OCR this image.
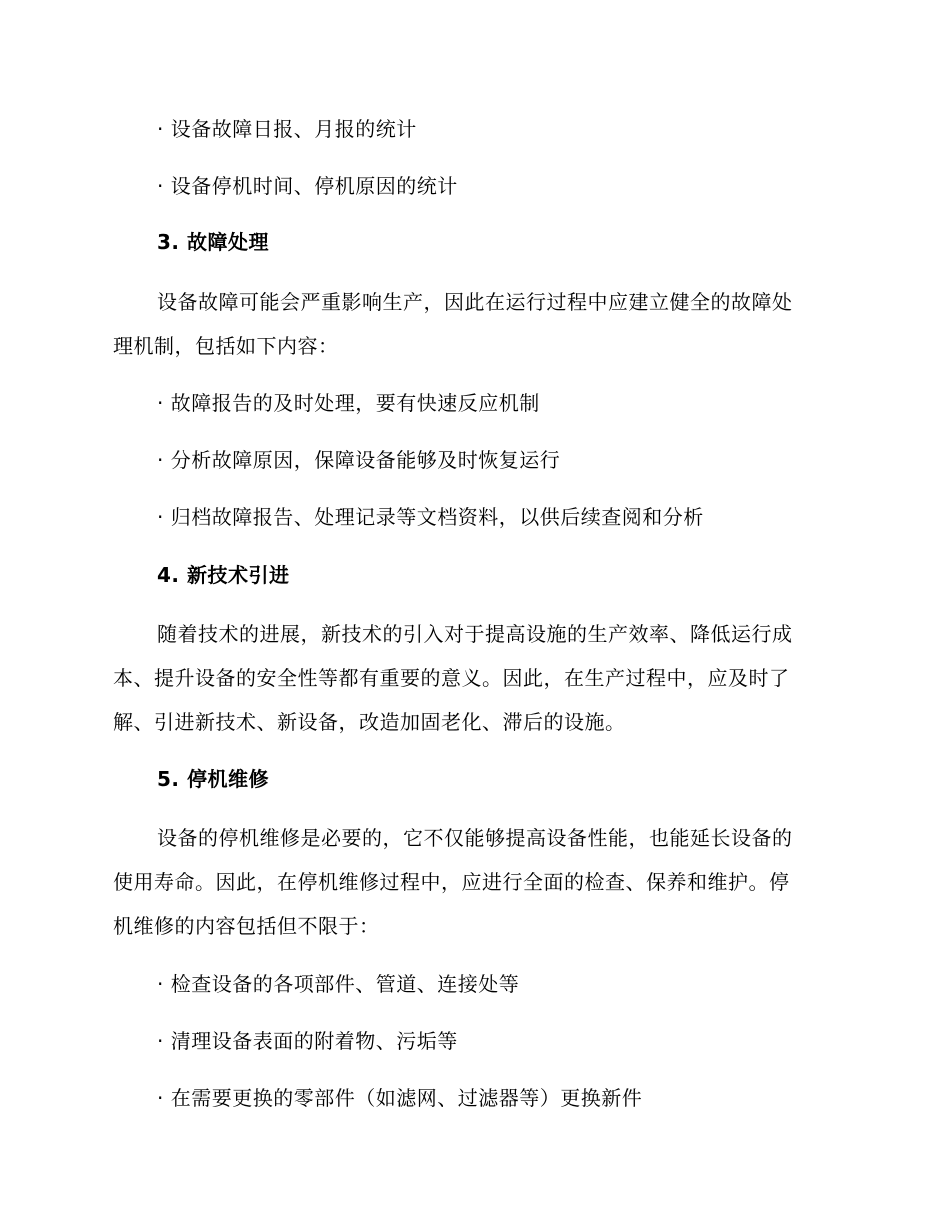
· 设备故障日报、月报的统计

· 设备停机时间、停机原因的统计

3. 故障处理

设备故障可能会严重影响生产，因此在运行过程中应建立健全的故障处

理机制，包括如下内容：

· 故障报告的及时处理，要有快速反应机制

· 分析故障原因，保障设备能够及时恢复运行

· 归档故障报告、处理记录等文档资料，以供后续查阅和分析

4. 新技术引进

随着技术的进展，新技术的引入对于提高设施的生产效率、降低运行成

本、提升设备的安全性等都有重要的意义。因此，在生产过程中，应及时了

解、引进新技术、新设备，改造加固老化、滞后的设施。

5. 停机维修

设备的停机维修是必要的，它不仅能够提高设备性能，也能延长设备的

使用寿命。因此，在停机维修过程中，应进行全面的检查、保养和维护。停

机维修的内容包括但不限于：

· 检查设备的各项部件、管道、连接处等

· 清理设备表面的附着物、污垢等

· 在需要更换的零部件（如滤网、过滤器等）更换新件
